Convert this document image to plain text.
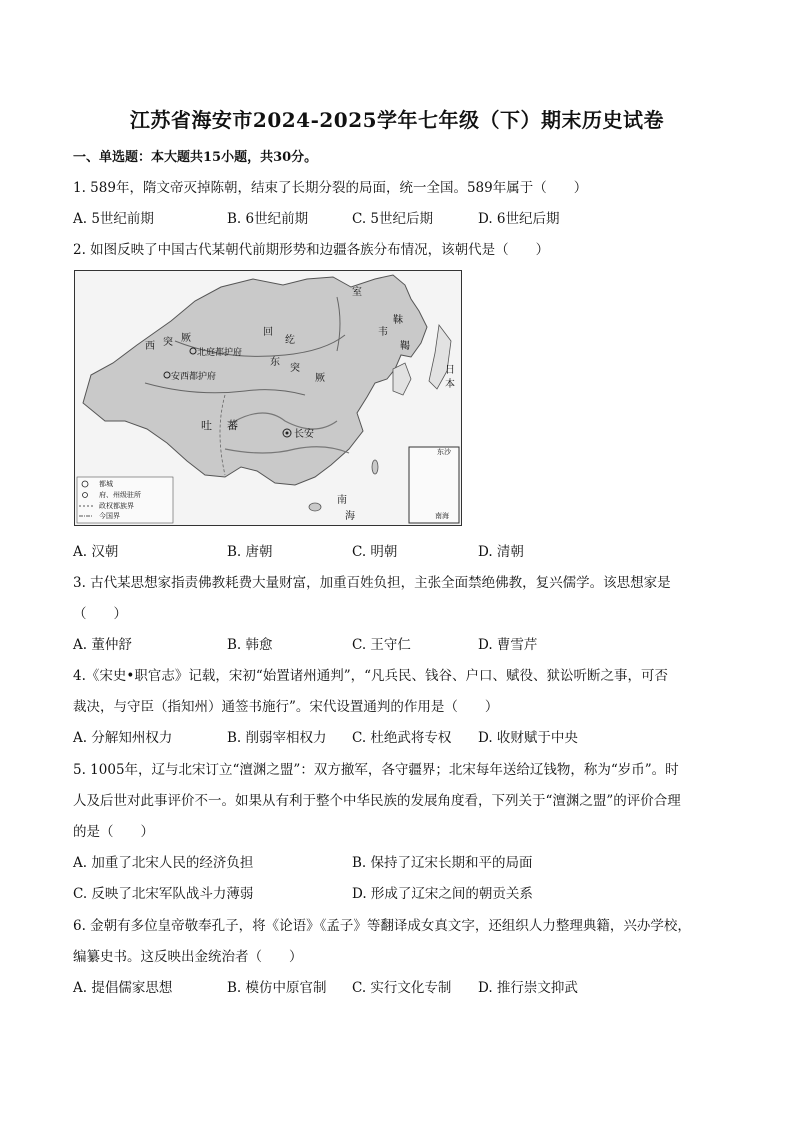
江苏省海安市2024-2025学年七年级（下）期末历史试卷
一、单选题：本大题共15小题，共30分。
1. 589年，隋文帝灭掉陈朝，结束了长期分裂的局面，统一全国。589年属于（　　）
A. 5世纪前期	B. 6世纪前期	C. 5世纪后期	D. 6世纪后期
2. 如图反映了中国古代某朝代前期形势和边疆各族分布情况，该朝代是（　　）
室
韦
靺
鞨
回
纥
东
突
厥
西 突 厥
北庭都护府
安西都护府
吐 蕃
长安
日
本
南
海
东沙
南海
都城
府、州级驻所
政权都族界
今国界
A. 汉朝	B. 唐朝	C. 明朝	D. 清朝
3. 古代某思想家指责佛教耗费大量财富，加重百姓负担，主张全面禁绝佛教，复兴儒学。该思想家是
（　　）
A. 董仲舒	B. 韩愈	C. 王守仁	D. 曹雪芹
4.《宋史•职官志》记载，宋初“始置诸州通判”，“凡兵民、钱谷、户口、赋役、狱讼听断之事，可否
裁决，与守臣（指知州）通签书施行”。宋代设置通判的作用是（　　）
A. 分解知州权力	B. 削弱宰相权力 C. 杜绝武将专权 D. 收财赋于中央
5. 1005年，辽与北宋订立“澶渊之盟”：双方撤军，各守疆界；北宋每年送给辽钱物，称为“岁币”。时
人及后世对此事评价不一。如果从有利于整个中华民族的发展角度看，下列关于“澶渊之盟”的评价合理
的是（　　）
A. 加重了北宋人民的经济负担	B. 保持了辽宋长期和平的局面
C. 反映了北宋军队战斗力薄弱	D. 形成了辽宋之间的朝贡关系
6. 金朝有多位皇帝敬奉孔子，将《论语》《孟子》等翻译成女真文字，还组织人力整理典籍，兴办学校，
编纂史书。这反映出金统治者（　　）
A. 提倡儒家思想	B. 模仿中原官制 C. 实行文化专制 D. 推行崇文抑武
